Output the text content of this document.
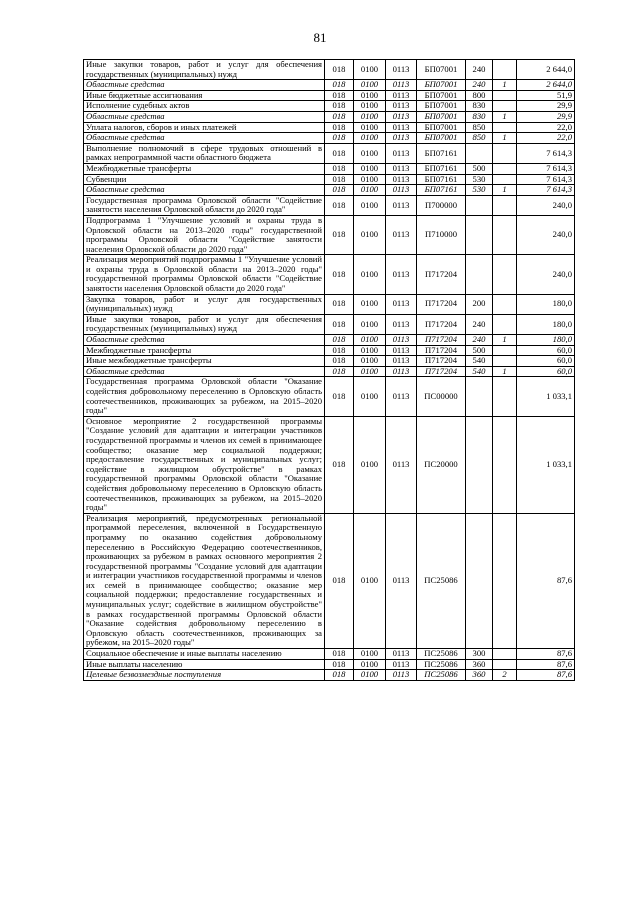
81
Иные закупки товаров, работ и услуг для обеспечения государственных (муниципальных) нужд	018	0100	0113	БП07001	240		2 644,0
Областные средства	018	0100	0113	БП07001	240	1	2 644,0
Иные бюджетные ассигнования	018	0100	0113	БП07001	800		51,9
Исполнение судебных актов	018	0100	0113	БП07001	830		29,9
Областные средства	018	0100	0113	БП07001	830	1	29,9
Уплата налогов, сборов и иных платежей	018	0100	0113	БП07001	850		22,0
Областные средства	018	0100	0113	БП07001	850	1	22,0
Выполнение полномочий в сфере трудовых отношений в рамках непрограммной части областного бюджета	018	0100	0113	БП07161			7 614,3
Межбюджетные трансферты	018	0100	0113	БП07161	500		7 614,3
Субвенции	018	0100	0113	БП07161	530		7 614,3
Областные средства	018	0100	0113	БП07161	530	1	7 614,3
Государственная программа Орловской области "Содействие занятости населения Орловской области до 2020 года"	018	0100	0113	П700000			240,0
Подпрограмма 1 "Улучшение условий и охраны труда в Орловской области на 2013–2020 годы" государственной программы Орловской области "Содействие занятости населения Орловской области до 2020 года"	018	0100	0113	П710000			240,0
Реализация мероприятий подпрограммы 1 "Улучшение условий и охраны труда в Орловской области на 2013–2020 годы" государственной программы Орловской области "Содействие занятости населения Орловской области до 2020 года"	018	0100	0113	П717204			240,0
Закупка товаров, работ и услуг для государственных (муниципальных) нужд	018	0100	0113	П717204	200		180,0
Иные закупки товаров, работ и услуг для обеспечения государственных (муниципальных) нужд	018	0100	0113	П717204	240		180,0
Областные средства	018	0100	0113	П717204	240	1	180,0
Межбюджетные трансферты	018	0100	0113	П717204	500		60,0
Иные межбюджетные трансферты	018	0100	0113	П717204	540		60,0
Областные средства	018	0100	0113	П717204	540	1	60,0
Государственная программа Орловской области "Оказание содействия добровольному переселению в Орловскую область соотечественников, проживающих за рубежом, на 2015–2020 годы"	018	0100	0113	ПС00000			1 033,1
Основное мероприятие 2 государственной программы "Создание условий для адаптации и интеграции участников государственной программы и членов их семей в принимающее сообщество; оказание мер социальной поддержки; предоставление государственных и муниципальных услуг; содействие в жилищном обустройстве" в рамках государственной программы Орловской области "Оказание содействия добровольному переселению в Орловскую область соотечественников, проживающих за рубежом, на 2015–2020 годы"	018	0100	0113	ПС20000			1 033,1
Реализация мероприятий, предусмотренных региональной программой переселения, включенной в Государственную программу по оказанию содействия добровольному переселению в Российскую Федерацию соотечественников, проживающих за рубежом в рамках основного мероприятия 2 государственной программы "Создание условий для адаптации и интеграции участников государственной программы и членов их семей в принимающее сообщество; оказание мер социальной поддержки; предоставление государственных и муниципальных услуг; содействие в жилищном обустройстве" в рамках государственной программы Орловской области "Оказание содействия добровольному переселению в Орловскую область соотечественников, проживающих за рубежом, на 2015–2020 годы"	018	0100	0113	ПС25086			87,6
Социальное обеспечение и иные выплаты населению	018	0100	0113	ПС25086	300		87,6
Иные выплаты населению	018	0100	0113	ПС25086	360		87,6
Целевые безвозмездные поступления	018	0100	0113	ПС25086	360	2	87,6
